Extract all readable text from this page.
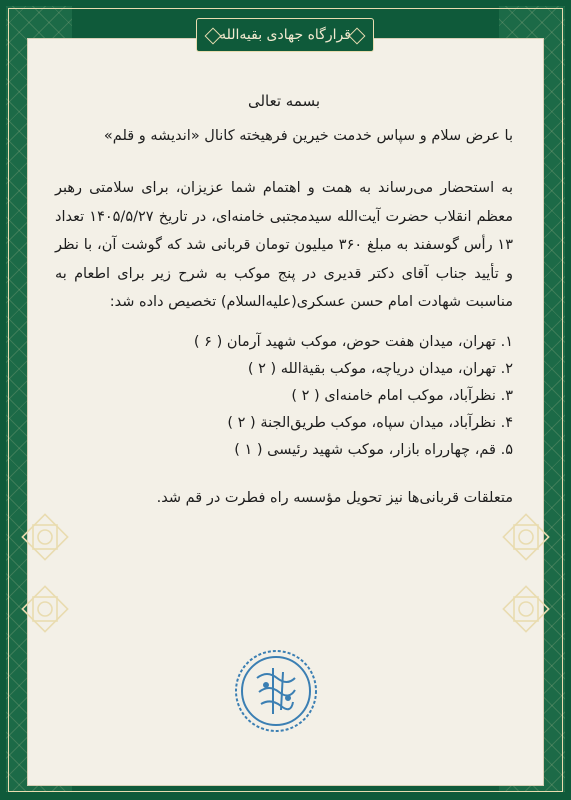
قرارگاه جهادی بقیه‌الله
بسمه تعالی
با عرض سلام و سپاس خدمت خیرین فرهیخته کانال «اندیشه و قلم»
به استحضار می‌رساند به همت و اهتمام شما عزیزان، برای سلامتی رهبر معظم انقلاب حضرت آیت‌الله سیدمجتبی خامنه‌ای، در تاریخ ۱۴۰۵/۵/۲۷ تعداد ۱۳ رأس گوسفند به مبلغ ۳۶۰ میلیون تومان قربانی شد که گوشت آن، با نظر و تأیید جناب آقای دکتر قدیری در پنج موکب به شرح زیر برای اطعام به مناسبت شهادت امام حسن عسکری(علیه‌السلام) تخصیص داده شد:
۱. تهران، میدان هفت حوض، موکب شهید آرمان ( ۶ )
۲. تهران، میدان دریاچه، موکب بقیة‌الله ( ۲ )
۳. نظرآباد، موکب امام خامنه‌ای ( ۲ )
۴. نظرآباد، میدان سپاه، موکب طریق‌الجنة ( ۲ )
۵. قم، چهارراه بازار، موکب شهید رئیسی ( ۱ )
متعلقات قربانی‌ها نیز تحویل مؤسسه راه فطرت در قم شد.
